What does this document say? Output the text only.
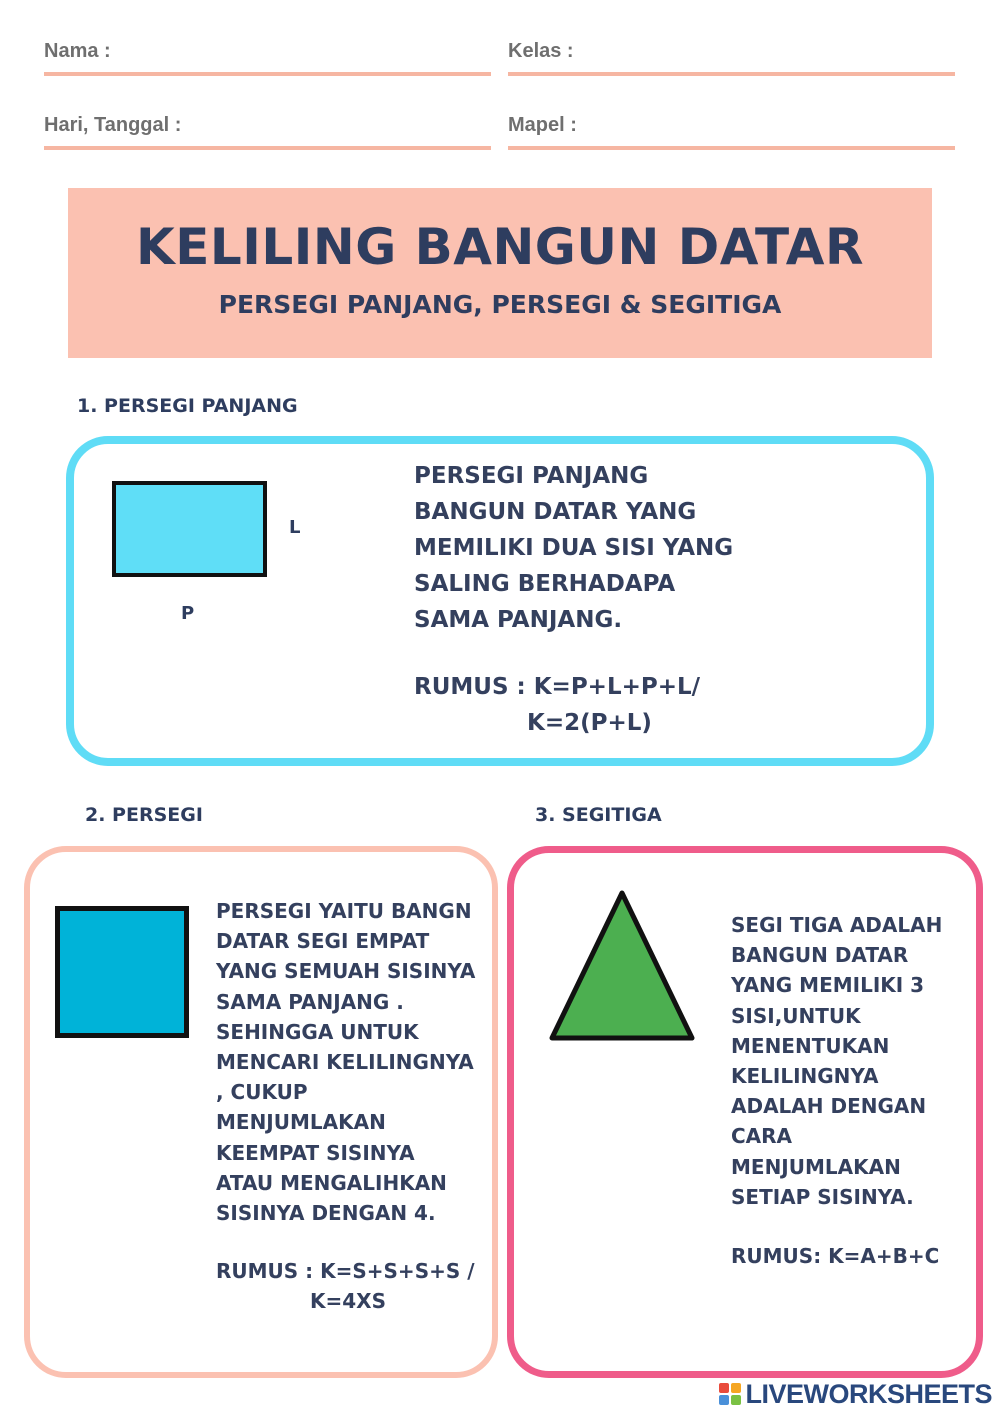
Nama :	Kelas :
Hari, Tanggal :	Mapel :
KELILING BANGUN DATAR
PERSEGI PANJANG, PERSEGI & SEGITIGA
1. PERSEGI PANJANG
L
P
PERSEGI PANJANG
BANGUN DATAR YANG
MEMILIKI DUA SISI YANG
SALING BERHADAPA
SAMA PANJANG.
RUMUS : K=P+L+P+L/
K=2(P+L)
2. PERSEGI
PERSEGI YAITU BANGN
DATAR SEGI EMPAT
YANG SEMUAH SISINYA
SAMA PANJANG .
SEHINGGA UNTUK
MENCARI KELILINGNYA
, CUKUP
MENJUMLAKAN
KEEMPAT SISINYA
ATAU MENGALIHKAN
SISINYA DENGAN 4.
RUMUS : K=S+S+S+S /
K=4XS
3. SEGITIGA
SEGI TIGA ADALAH
BANGUN DATAR
YANG MEMILIKI 3
SISI,UNTUK
MENENTUKAN
KELILINGNYA
ADALAH DENGAN
CARA
MENJUMLAKAN
SETIAP SISINYA.
RUMUS: K=A+B+C
LIVEWORKSHEETS
